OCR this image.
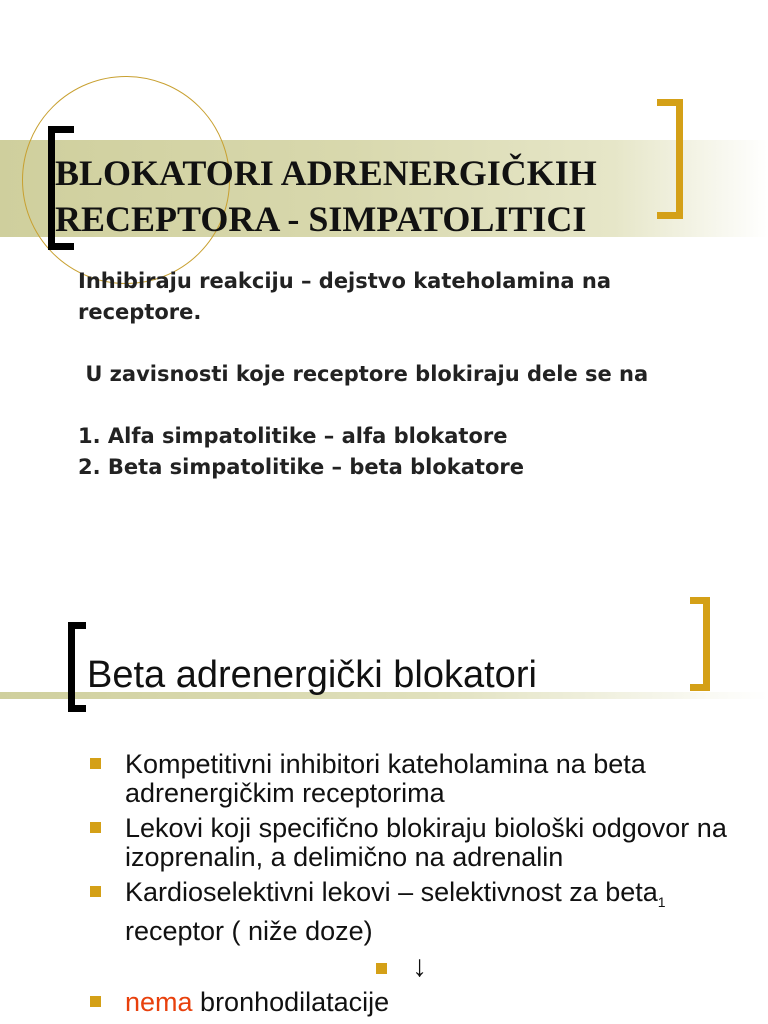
BLOKATORI ADRENERGIČKIH
RECEPTORA - SIMPATOLITICI

Inhibiraju reakciju – dejstvo kateholamina na

receptore.

U zavisnosti koje receptore blokiraju dele se na

1. Alfa simpatolitike – alfa blokatore

2. Beta simpatolitike – beta blokatore

Beta adrenergički blokatori
Kompetitivni inhibitori kateholamina na beta adrenergičkim receptorima
Lekovi koji specifično blokiraju biološki odgovor na izoprenalin, a delimično na adrenalin
Kardioselektivni lekovi – selektivnost za beta$_1$ receptor ( niže doze)
↓
nema bronhodilatacije
